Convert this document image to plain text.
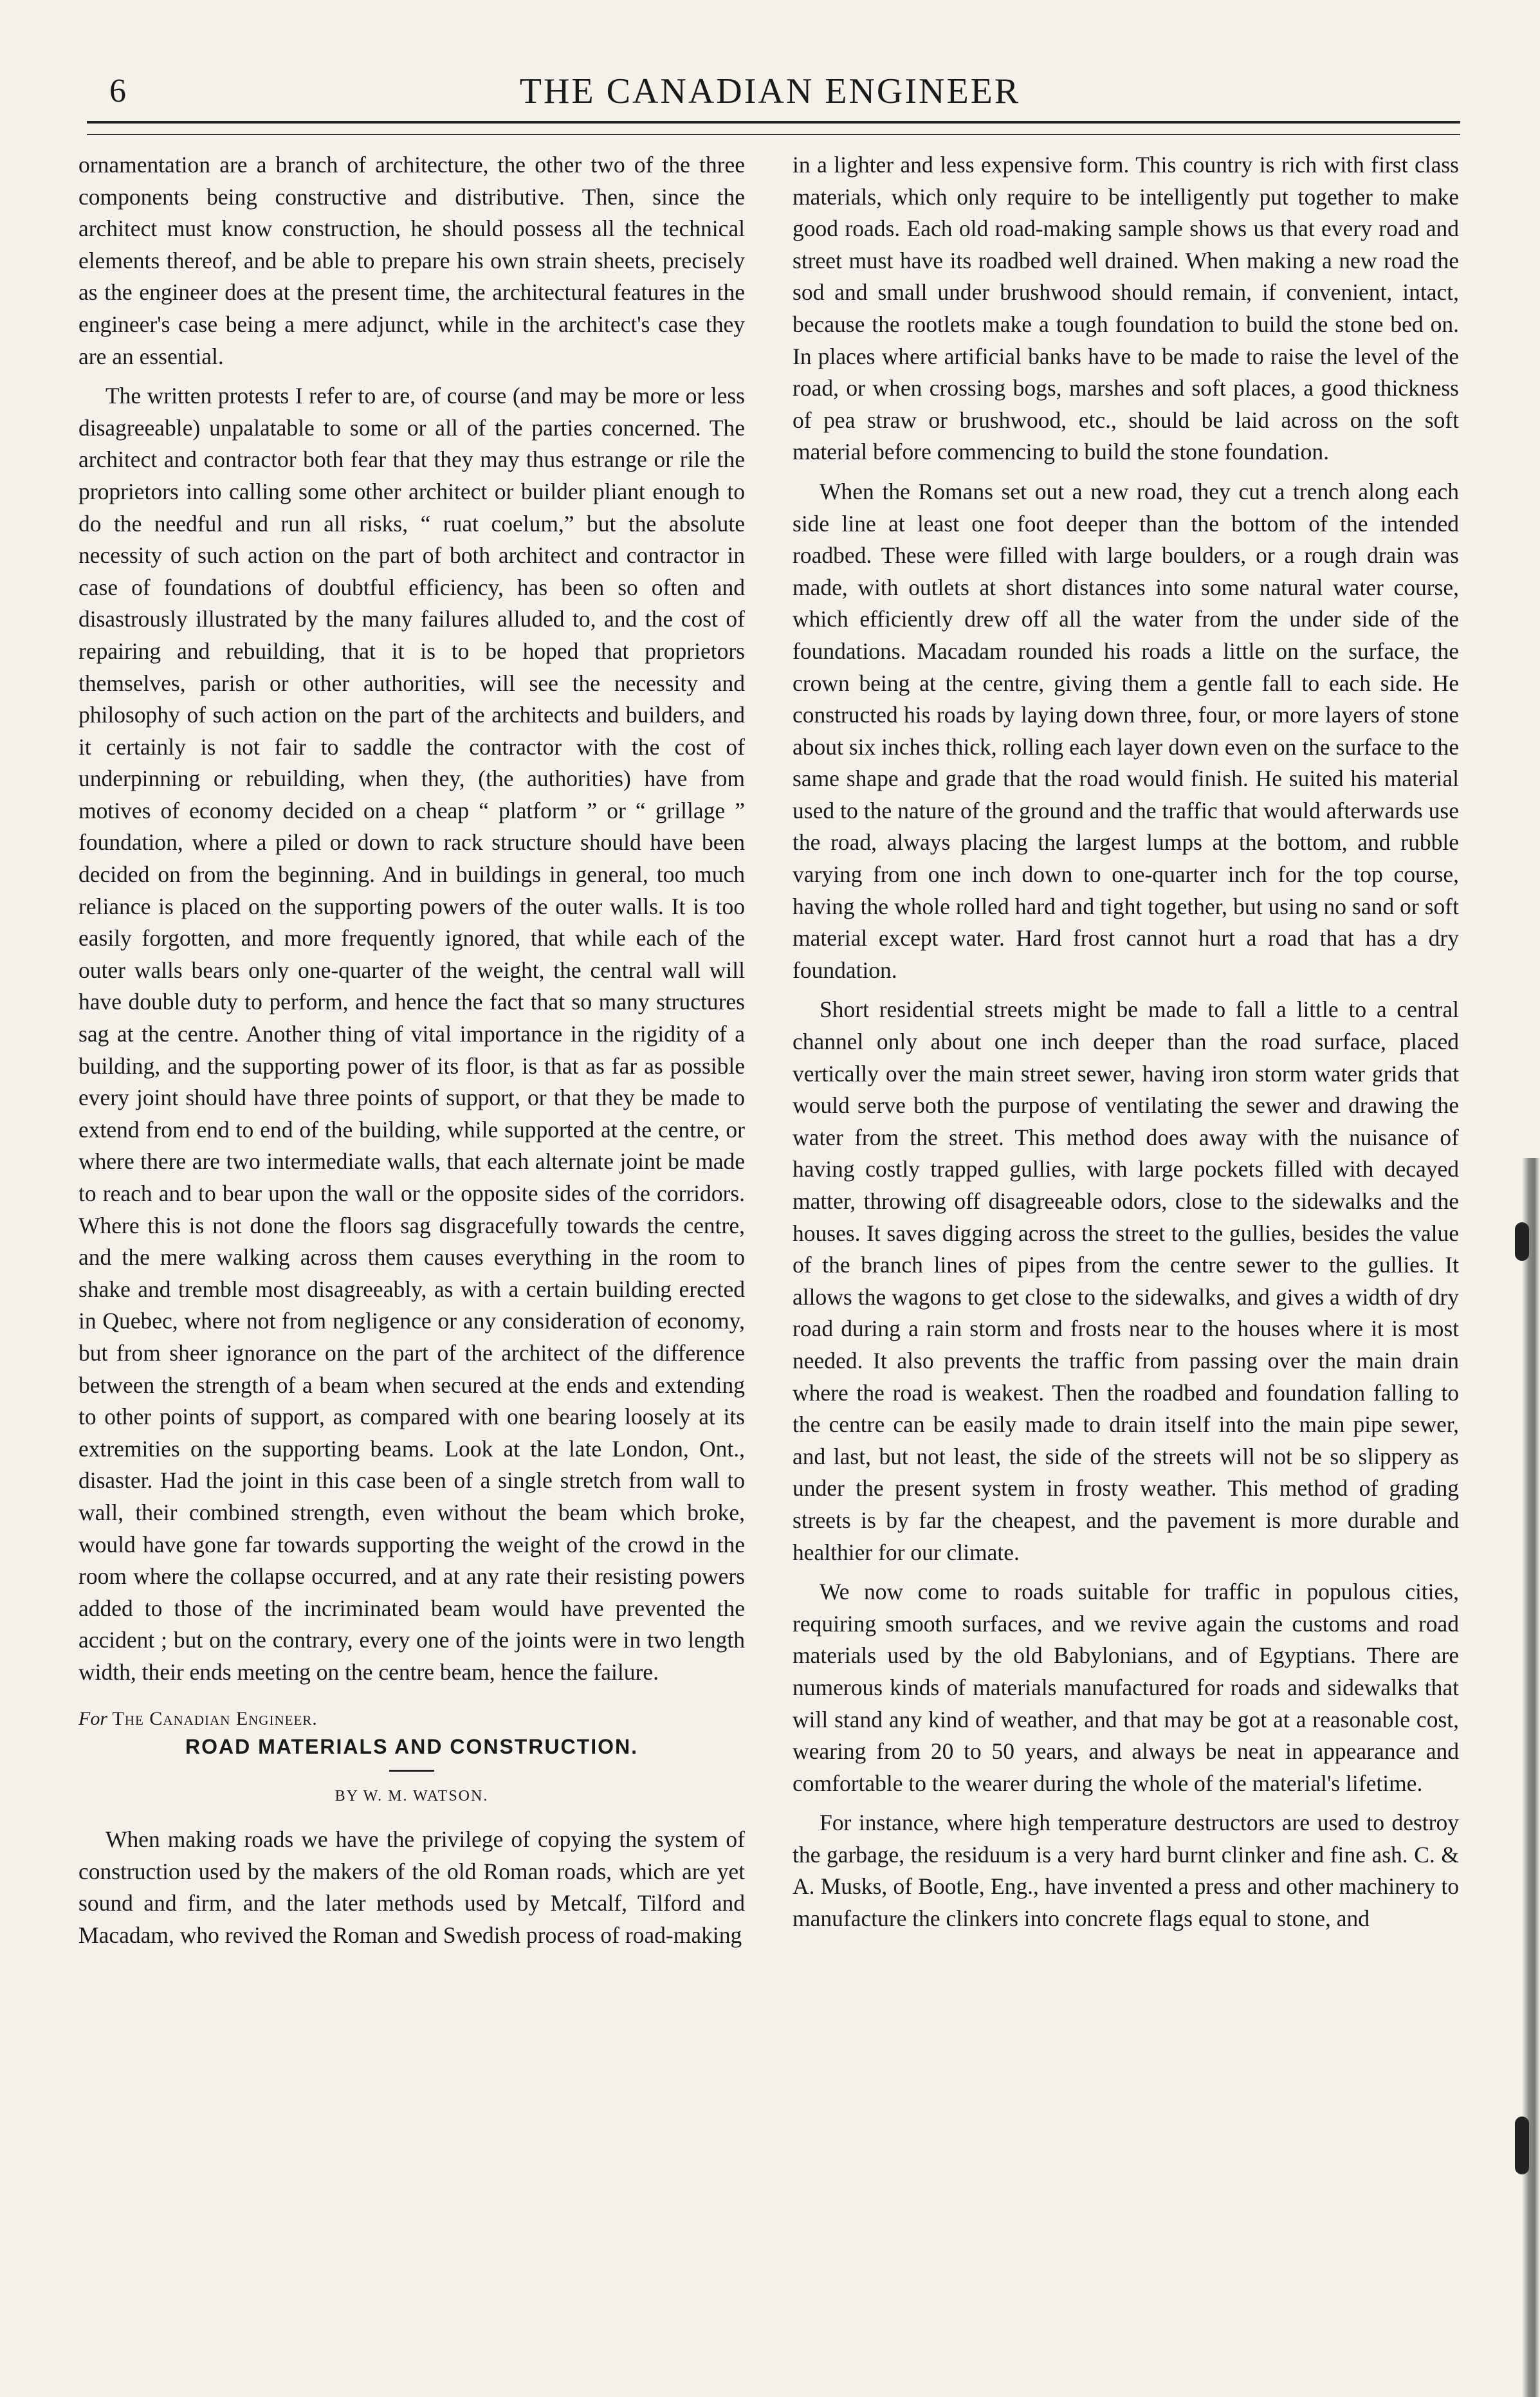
6	THE CANADIAN ENGINEER

ornamentation are a branch of architecture, the other two of the three components being constructive and distributive. Then, since the architect must know construction, he should possess all the technical elements thereof, and be able to prepare his own strain sheets, precisely as the engineer does at the present time, the architectural features in the engineer's case being a mere adjunct, while in the architect's case they are an essential.

The written protests I refer to are, of course (and may be more or less disagreeable) unpalatable to some or all of the parties concerned. The architect and contractor both fear that they may thus estrange or rile the proprietors into calling some other architect or builder pliant enough to do the needful and run all risks, “ ruat coelum,” but the absolute necessity of such action on the part of both architect and contractor in case of foundations of doubtful efficiency, has been so often and disastrously illustrated by the many failures alluded to, and the cost of repairing and rebuilding, that it is to be hoped that proprietors themselves, parish or other authorities, will see the necessity and philosophy of such action on the part of the architects and builders, and it certainly is not fair to saddle the contractor with the cost of underpinning or rebuilding, when they, (the authorities) have from motives of economy decided on a cheap “ platform ” or “ grillage ” foundation, where a piled or down to rack structure should have been decided on from the beginning. And in buildings in general, too much reliance is placed on the supporting powers of the outer walls. It is too easily forgotten, and more frequently ignored, that while each of the outer walls bears only one-quarter of the weight, the central wall will have double duty to perform, and hence the fact that so many structures sag at the centre. Another thing of vital importance in the rigidity of a building, and the supporting power of its floor, is that as far as possible every joint should have three points of support, or that they be made to extend from end to end of the building, while supported at the centre, or where there are two intermediate walls, that each alternate joint be made to reach and to bear upon the wall or the opposite sides of the corridors. Where this is not done the floors sag disgracefully towards the centre, and the mere walking across them causes everything in the room to shake and tremble most disagreeably, as with a certain building erected in Quebec, where not from negligence or any consideration of economy, but from sheer ignorance on the part of the architect of the difference between the strength of a beam when secured at the ends and extending to other points of support, as compared with one bearing loosely at its extremities on the supporting beams. Look at the late London, Ont., disaster. Had the joint in this case been of a single stretch from wall to wall, their combined strength, even without the beam which broke, would have gone far towards supporting the weight of the crowd in the room where the collapse occurred, and at any rate their resisting powers added to those of the incriminated beam would have prevented the accident ; but on the contrary, every one of the joints were in two length width, their ends meeting on the centre beam, hence the failure.

For The Canadian Engineer.
ROAD MATERIALS AND CONSTRUCTION.
BY W. M. WATSON.

When making roads we have the privilege of copying the system of construction used by the makers of the old Roman roads, which are yet sound and firm, and the later methods used by Metcalf, Tilford and Macadam, who revived the Roman and Swedish process of road-making

in a lighter and less expensive form. This country is rich with first class materials, which only require to be intelligently put together to make good roads. Each old road-making sample shows us that every road and street must have its roadbed well drained. When making a new road the sod and small under brushwood should remain, if convenient, intact, because the rootlets make a tough foundation to build the stone bed on. In places where artificial banks have to be made to raise the level of the road, or when crossing bogs, marshes and soft places, a good thickness of pea straw or brushwood, etc., should be laid across on the soft material before commencing to build the stone foundation.

When the Romans set out a new road, they cut a trench along each side line at least one foot deeper than the bottom of the intended roadbed. These were filled with large boulders, or a rough drain was made, with outlets at short distances into some natural water course, which efficiently drew off all the water from the under side of the foundations. Macadam rounded his roads a little on the surface, the crown being at the centre, giving them a gentle fall to each side. He constructed his roads by laying down three, four, or more layers of stone about six inches thick, rolling each layer down even on the surface to the same shape and grade that the road would finish. He suited his material used to the nature of the ground and the traffic that would afterwards use the road, always placing the largest lumps at the bottom, and rubble varying from one inch down to one-quarter inch for the top course, having the whole rolled hard and tight together, but using no sand or soft material except water. Hard frost cannot hurt a road that has a dry foundation.

Short residential streets might be made to fall a little to a central channel only about one inch deeper than the road surface, placed vertically over the main street sewer, having iron storm water grids that would serve both the purpose of ventilating the sewer and drawing the water from the street. This method does away with the nuisance of having costly trapped gullies, with large pockets filled with decayed matter, throwing off disagreeable odors, close to the sidewalks and the houses. It saves digging across the street to the gullies, besides the value of the branch lines of pipes from the centre sewer to the gullies. It allows the wagons to get close to the sidewalks, and gives a width of dry road during a rain storm and frosts near to the houses where it is most needed. It also prevents the traffic from passing over the main drain where the road is weakest. Then the roadbed and foundation falling to the centre can be easily made to drain itself into the main pipe sewer, and last, but not least, the side of the streets will not be so slippery as under the present system in frosty weather. This method of grading streets is by far the cheapest, and the pavement is more durable and healthier for our climate.

We now come to roads suitable for traffic in populous cities, requiring smooth surfaces, and we revive again the customs and road materials used by the old Babylonians, and of Egyptians. There are numerous kinds of materials manufactured for roads and sidewalks that will stand any kind of weather, and that may be got at a reasonable cost, wearing from 20 to 50 years, and always be neat in appearance and comfortable to the wearer during the whole of the material's lifetime.

For instance, where high temperature destructors are used to destroy the garbage, the residuum is a very hard burnt clinker and fine ash. C. & A. Musks, of Bootle, Eng., have invented a press and other machinery to manufacture the clinkers into concrete flags equal to stone, and
